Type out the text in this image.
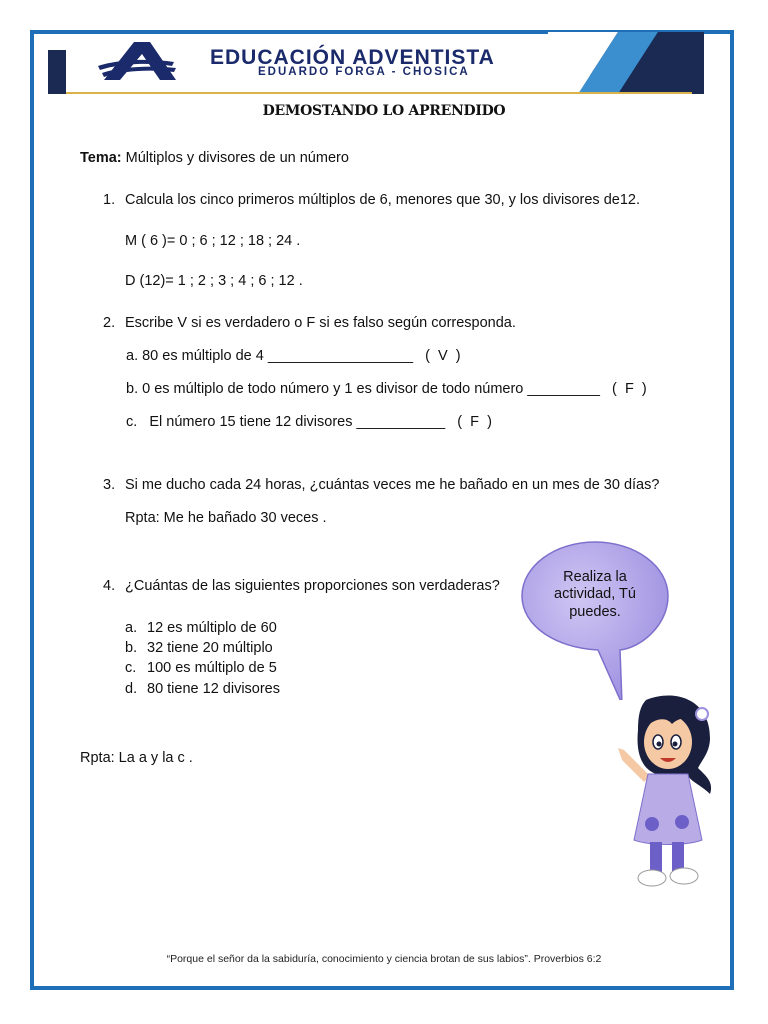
EDUCACIÓN ADVENTISTA
EDUARDO FORGA - CHOSICA
DEMOSTANDO LO APRENDIDO
Tema: Múltiplos y divisores de un número
1. Calcula los cinco primeros múltiplos de 6, menores que 30, y los divisores de12.
M ( 6 )= 0 ; 6 ; 12 ; 18 ; 24 .
D (12)= 1 ; 2 ; 3 ; 4 ; 6 ; 12 .
2. Escribe V si es verdadero o F si es falso según corresponda.
a. 80 es múltiplo de 4 __________________   (  V  )
b. 0 es múltiplo de todo número y 1 es divisor de todo número _________   (  F  )
c.   El número 15 tiene 12 divisores ___________   (  F  )
3. Si me ducho cada 24 horas, ¿cuántas veces me he bañado en un mes de 30 días?
Rpta: Me he bañado 30 veces .
4. ¿Cuántas de las siguientes proporciones son verdaderas?
a. 12 es múltiplo de 60
b. 32 tiene 20 múltiplo
c. 100 es múltiplo de 5
d. 80 tiene 12 divisores
Rpta: La a y la c .
Realiza la
actividad, Tú
puedes.
“Porque el señor da la sabiduría, conocimiento y ciencia brotan de sus labios”. Proverbios 6:2
